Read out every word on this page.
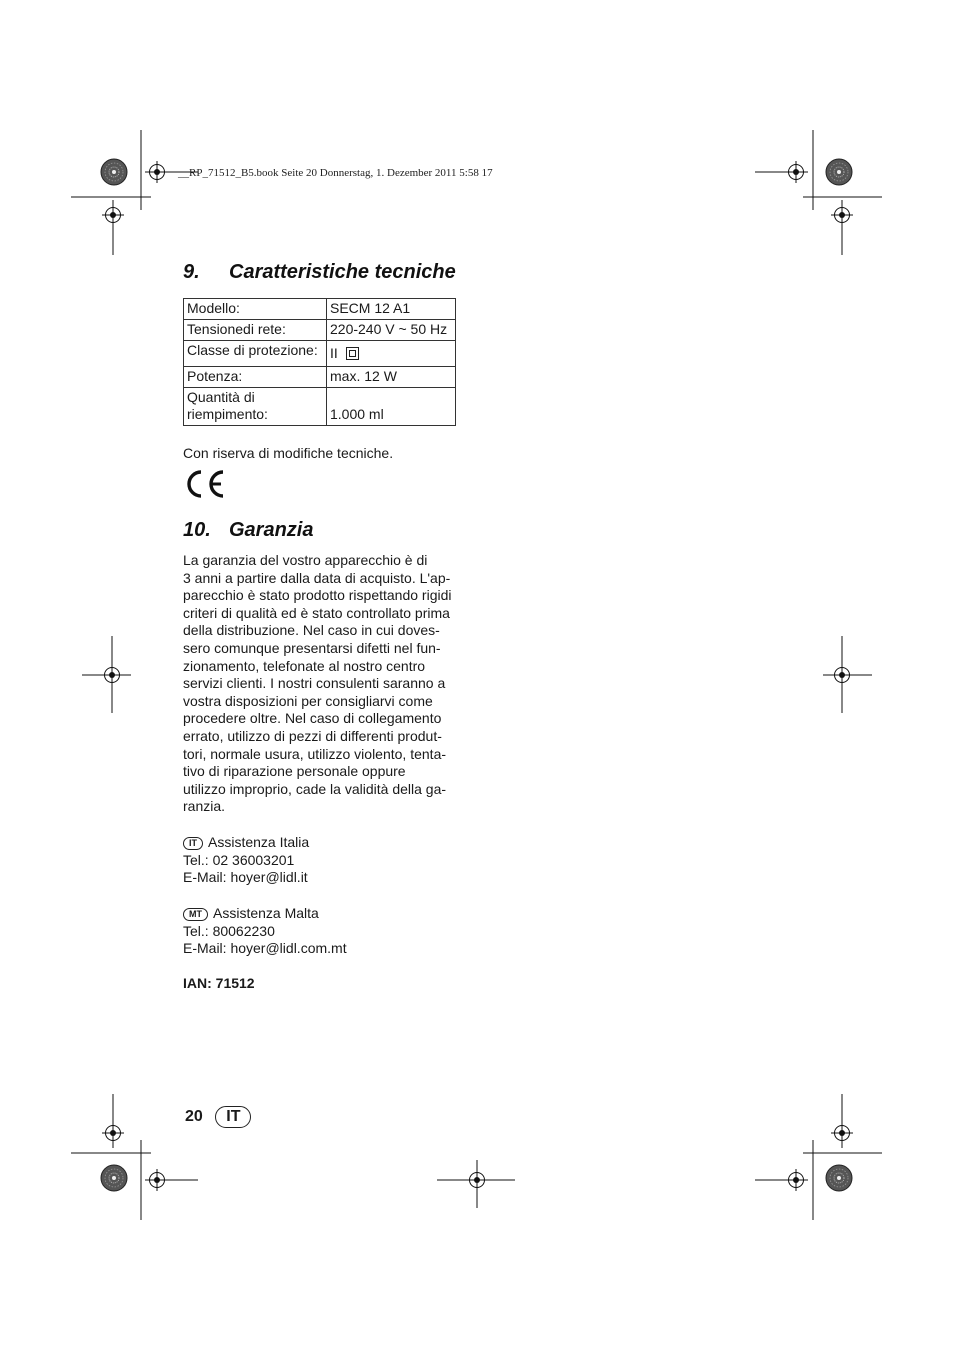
__RP_71512_B5.book Seite 20 Donnerstag, 1. Dezember 2011 5:58 17
9. Caratteristiche tecniche
Modello:	SECM 12 A1
Tensionedi rete:	220-240 V ~ 50 Hz
Classe di protezione:	II
Potenza:	max. 12 W

Quantità di
riempimento:	1.000 ml
Con riserva di modifiche tecniche.
10. Garanzia
La garanzia del vostro apparecchio è di
3 anni a partire dalla data di acquisto. L'ap-
parecchio è stato prodotto rispettando rigidi
criteri di qualità ed è stato controllato prima
della distribuzione. Nel caso in cui doves-
sero comunque presentarsi difetti nel fun-
zionamento, telefonate al nostro centro
servizi clienti. I nostri consulenti saranno a
vostra disposizioni per consigliarvi come
procedere oltre. Nel caso di collegamento
errato, utilizzo di pezzi di differenti produt-
tori, normale usura, utilizzo violento, tenta-
tivo di riparazione personale oppure
utilizzo improprio, cade la validità della ga-
ranzia.
IT Assistenza Italia
Tel.: 02 36003201
E-Mail: hoyer@lidl.it
MT Assistenza Malta
Tel.: 80062230
E-Mail: hoyer@lidl.com.mt
IAN: 71512
20 IT
